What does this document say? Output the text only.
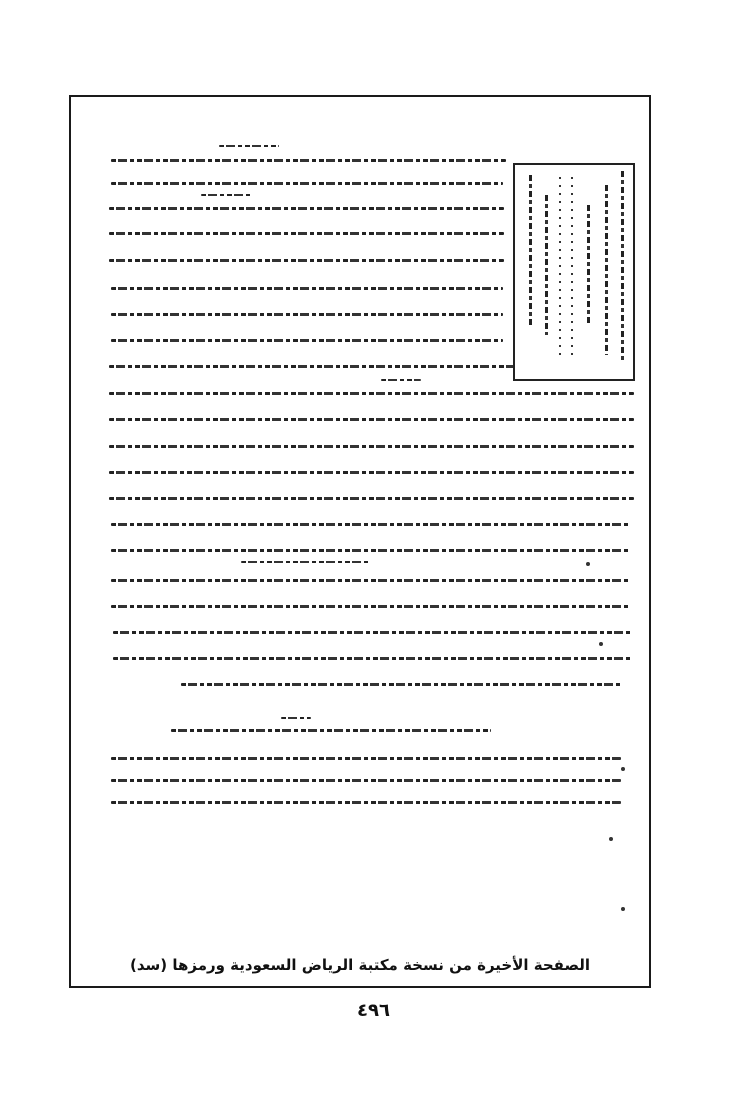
الصفحة الأخيرة من نسخة مكتبة الرياض السعودية ورمزها (سد)
٤٩٦
